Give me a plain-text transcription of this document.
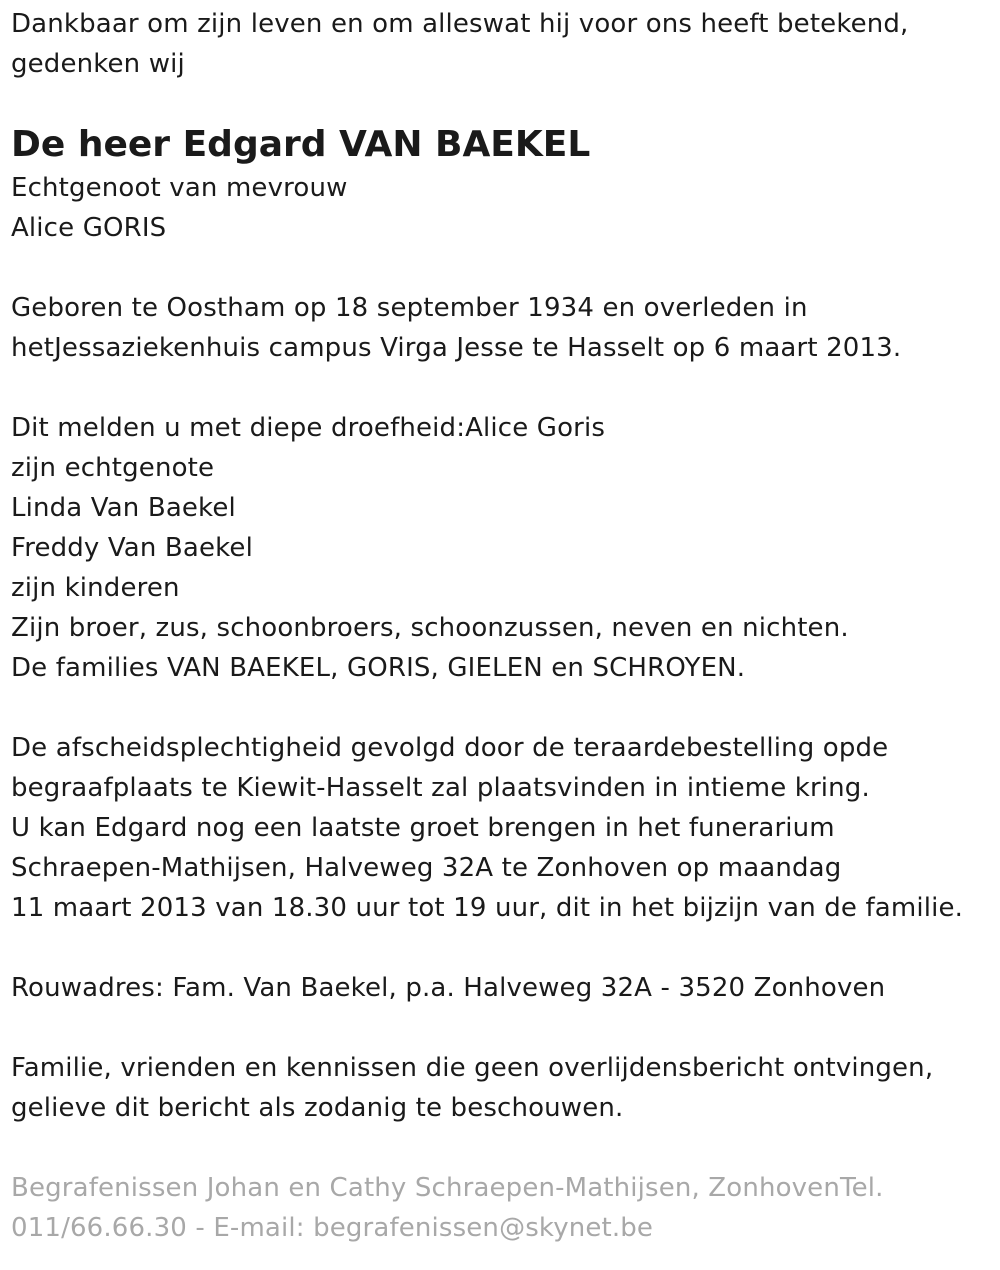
Dankbaar om zijn leven en om alleswat hij voor ons heeft betekend,
gedenken wij
De heer Edgard VAN BAEKEL
Echtgenoot van mevrouw
Alice GORIS
Geboren te Oostham op 18 september 1934 en overleden in
hetJessaziekenhuis campus Virga Jesse te Hasselt op 6 maart 2013.
Dit melden u met diepe droefheid:Alice Goris
zijn echtgenote
Linda Van Baekel
Freddy Van Baekel
zijn kinderen
Zijn broer, zus, schoonbroers, schoonzussen, neven en nichten.
De families VAN BAEKEL, GORIS, GIELEN en SCHROYEN.
De afscheidsplechtigheid gevolgd door de teraardebestelling opde
begraafplaats te Kiewit-Hasselt zal plaatsvinden in intieme kring.
U kan Edgard nog een laatste groet brengen in het funerarium
Schraepen-Mathijsen, Halveweg 32A te Zonhoven op maandag
11 maart 2013 van 18.30 uur tot 19 uur, dit in het bijzijn van de familie.
Rouwadres: Fam. Van Baekel, p.a. Halveweg 32A - 3520 Zonhoven
Familie, vrienden en kennissen die geen overlijdensbericht ontvingen,
gelieve dit bericht als zodanig te beschouwen.
Begrafenissen Johan en Cathy Schraepen-Mathijsen, ZonhovenTel.
011/66.66.30 - E-mail: begrafenissen@skynet.be
